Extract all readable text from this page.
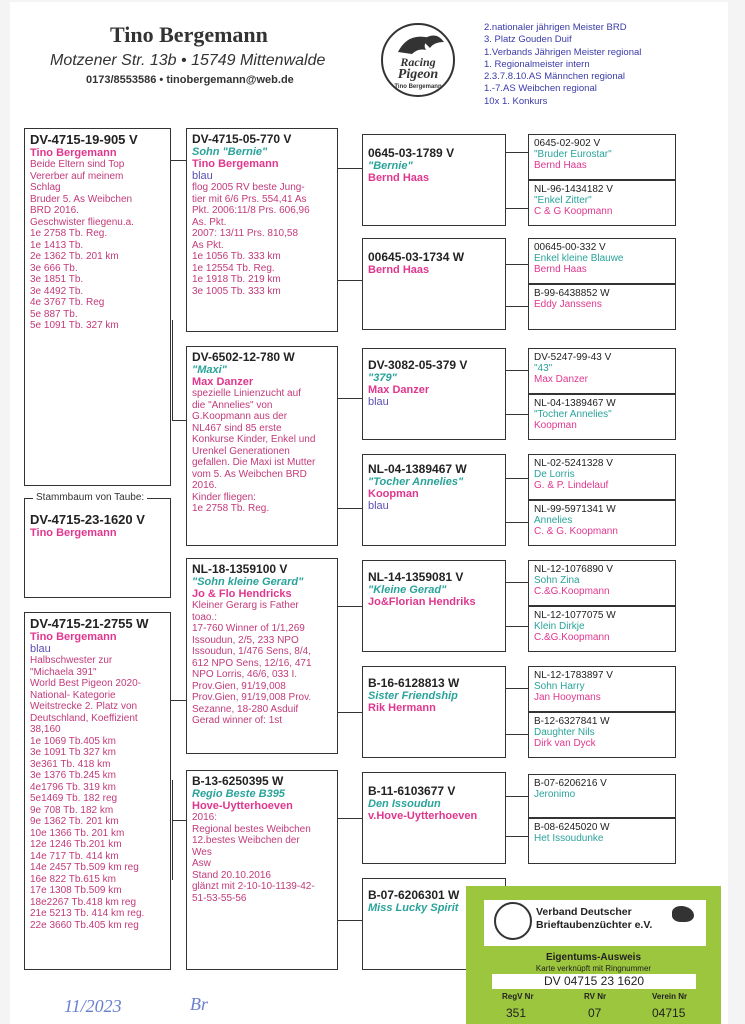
Tino Bergemann
Motzener Str. 13b • 15749 Mittenwalde
0173/8553586 • tinobergemann@web.de
Racing
Pigeon
Tino Bergemann
2.nationaler jährigen Meister BRD
3. Platz Gouden Duif
1.Verbands Jährigen Meister regional
1. Regionalmeister intern
2.3.7.8.10.AS Männchen regional
1.-7.AS Weibchen regional
10x 1. Konkurs
DV-4715-19-905 V
Tino Bergemann
Beide Eltern sind Top
Vererber auf meinem
Schlag
Bruder 5. As Weibchen
BRD 2016.
Geschwister fliegenu.a.
1e 2758 Tb. Reg.
1e 1413 Tb.
2e 1362 Tb. 201 km
3e 666 Tb.
3e 1851 Tb.
3e 4492 Tb.
4e 3767 Tb. Reg
5e 887 Tb.
5e 1091 Tb. 327 km
DV-4715-23-1620 V
Tino Bergemann
Stammbaum von Taube:
DV-4715-21-2755 W
Tino Bergemann
blau
Halbschwester zur
"Michaela 391"
World Best Pigeon 2020-
National- Kategorie
Weitstrecke 2. Platz von
Deutschland, Koeffizient
38,160
1e 1069 Tb.405 km
3e 1091 Tb 327 km
3e361 Tb. 418 km
3e 1376 Tb.245 km
4e1796 Tb. 319 km
5e1469 Tb. 182 reg
9e 708 Tb. 182 km
9e 1362 Tb. 201 km
10e 1366 Tb. 201 km
12e 1246 Tb.201 km
14e 717 Tb. 414 km
14e 2457 Tb.509 km reg
16e 822 Tb.615 km
17e 1308 Tb.509 km
18e2267 Tb.418 km reg
21e 5213 Tb. 414 km reg.
22e 3660 Tb.405 km reg
DV-4715-05-770 V
Sohn "Bernie"
Tino Bergemann
blau
flog 2005 RV beste Jung-
tier mit 6/6 Prs. 554,41 As
Pkt. 2006:11/8 Prs. 606,96
As. Pkt.
2007: 13/11 Prs. 810,58
As Pkt.
1e 1056 Tb. 333 km
1e 12554 Tb. Reg.
1e 1918 Tb. 219 km
3e 1005 Tb. 333 km
DV-6502-12-780 W
"Maxi"
Max Danzer
spezielle Linienzucht auf
die "Annelies" von
G.Koopmann aus der
NL467 sind 85 erste
Konkurse Kinder, Enkel und
Urenkel Generationen
gefallen. Die Maxi ist Mutter
vom 5. As Weibchen BRD
2016.
Kinder fliegen:
1e 2758 Tb. Reg.
NL-18-1359100 V
"Sohn kleine Gerard"
Jo & Flo Hendricks
Kleiner Gerarg is Father
toao.:
17-760 Winner of 1/1,269
Issoudun, 2/5, 233 NPO
Issoudun, 1/476 Sens, 8/4,
612 NPO Sens, 12/16, 471
NPO Lorris, 46/6, 033 I.
Prov.Gien, 91/19,008
Prov.Gien, 91/19,008 Prov.
Sezanne, 18-280 Asduif
Gerad winner of: 1st
B-13-6250395 W
Regio Beste B395
Hove-Uytterhoeven
2016:
Regional bestes Weibchen
12.bestes Weibchen der
Wes
Asw
Stand 20.10.2016
glänzt mit 2-10-10-1139-42-
51-53-55-56
0645-03-1789 V
"Bernie"
Bernd Haas
00645-03-1734 W
Bernd Haas
DV-3082-05-379 V
"379"
Max Danzer
blau
NL-04-1389467 W
"Tocher Annelies"
Koopman
blau
NL-14-1359081 V
"Kleine Gerad"
Jo&Florian Hendriks
B-16-6128813 W
Sister Friendship
Rik Hermann
B-11-6103677 V
Den Issoudun
v.Hove-Uytterhoeven
B-07-6206301 W
Miss Lucky Spirit
0645-02-902 V
"Bruder Eurostar"
Bernd Haas
NL-96-1434182 V
"Enkel Zitter"
C & G Koopmann
00645-00-332 V
Enkel kleine Blauwe
Bernd Haas
B-99-6438852 W
Eddy Janssens
DV-5247-99-43 V
"43"
Max Danzer
NL-04-1389467 W
"Tocher Annelies"
Koopman
NL-02-5241328 V
De Lorris
G. & P. Lindelauf
NL-99-5971341 W
Annelies
C. & G. Koopmann
NL-12-1076890 V
Sohn Zina
C.&G.Koopmann
NL-12-1077075 W
Klein Dirkje
C.&G.Koopmann
NL-12-1783897 V
Sohn Harry
Jan Hooymans
B-12-6327841 W
Daughter Nils
Dirk van Dyck
B-07-6206216 V
Jeronimo
B-08-6245020 W
Het Issoudunke
Verband Deutscher
Brieftaubenzüchter e.V.
Eigentums-Ausweis
Karte verknüpft mit Ringnummer
DV 04715 23 1620
RegV Nr	RV Nr	Verein Nr
351	07	04715
11/2023	Br
